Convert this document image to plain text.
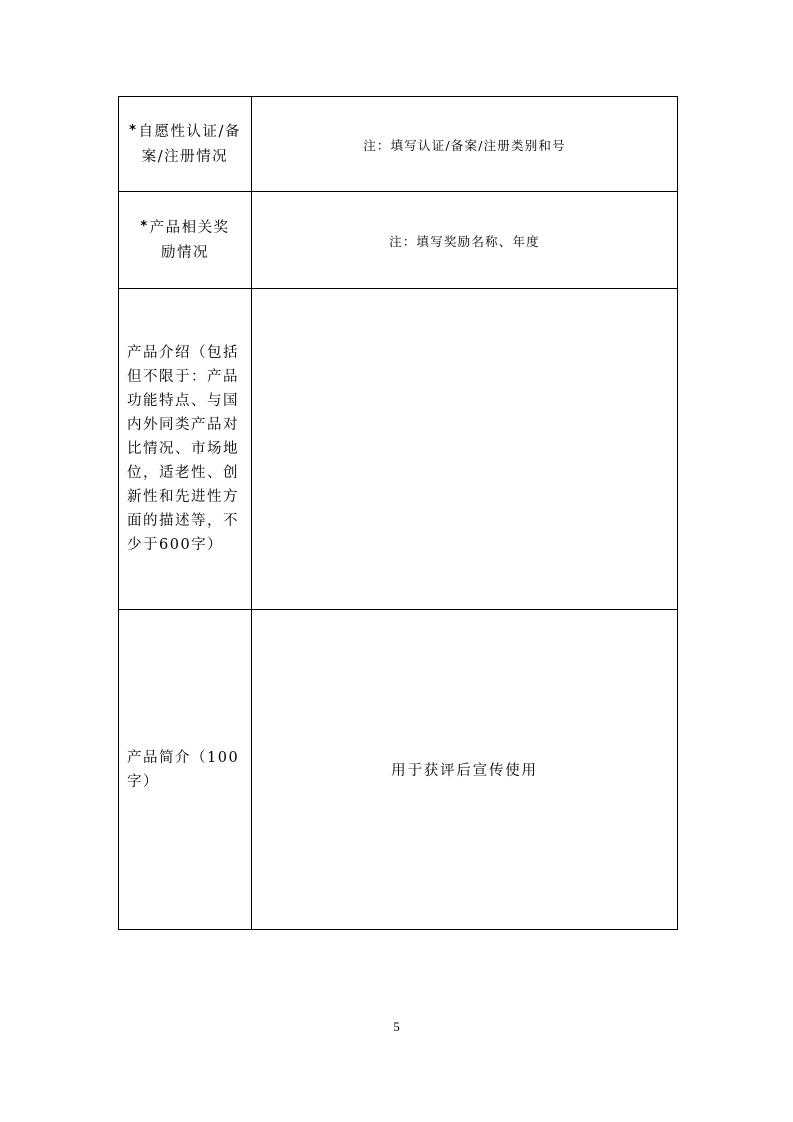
*自愿性认证/备案/注册情况	注：填写认证/备案/注册类别和号

*产品相关奖励情况	注：填写奖励名称、年度
产品介绍（包括但不限于：产品功能特点、与国内外同类产品对比情况、市场地位，适老性、创新性和先进性方面的描述等，不少于600字）	
产品简介（100字）	用于获评后宣传使用
5
